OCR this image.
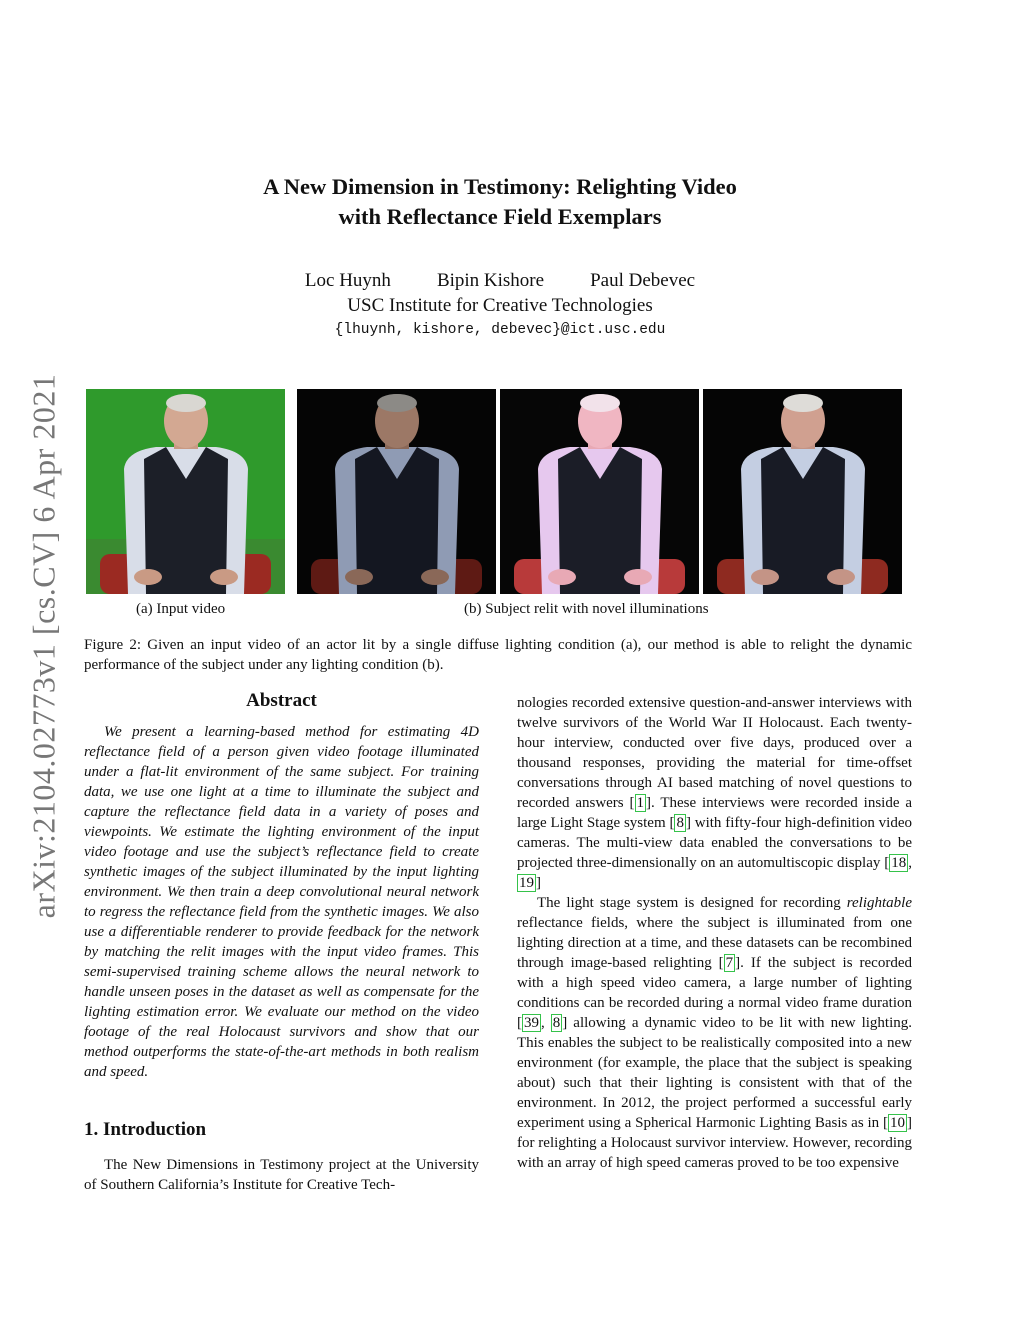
arXiv:2104.02773v1 [cs.CV] 6 Apr 2021
A New Dimension in Testimony: Relighting Video
with Reflectance Field Exemplars
Loc Huynh Bipin Kishore Paul Debevec
USC Institute for Creative Technologies
{lhuynh, kishore, debevec}@ict.usc.edu
(a) Input video	(b) Subject relit with novel illuminations
Figure 2: Given an input video of an actor lit by a single diffuse lighting condition (a), our method is able to relight the dynamic performance of the subject under any lighting condition (b).
Abstract

We present a learning-based method for estimating 4D reflectance field of a person given video footage illuminated under a flat-lit environment of the same subject. For training data, we use one light at a time to illuminate the subject and capture the reflectance field data in a variety of poses and viewpoints. We estimate the lighting environment of the input video footage and use the subject’s reflectance field to create synthetic images of the subject illuminated by the input lighting environment. We then train a deep convolutional neural network to regress the reflectance field from the synthetic images. We also use a differentiable renderer to provide feedback for the network by matching the relit images with the input video frames. This semi-supervised training scheme allows the neural network to handle unseen poses in the dataset as well as compensate for the lighting estimation error. We evaluate our method on the video footage of the real Holocaust survivors and show that our method outperforms the state-of-the-art methods in both realism and speed.

1. Introduction

The New Dimensions in Testimony project at the University of Southern California’s Institute for Creative Tech-

nologies recorded extensive question-and-answer interviews with twelve survivors of the World War II Holocaust. Each twenty-hour interview, conducted over five days, produced over a thousand responses, providing the material for time-offset conversations through AI based matching of novel questions to recorded answers [ 1 ]. These interviews were recorded inside a large Light Stage system [ 8 ] with fifty-four high-definition video cameras. The multi-view data enabled the conversations to be projected three-dimensionally on an automultiscopic display [ 18 , 19 ]

The light stage system is designed for recording relightable reflectance fields, where the subject is illuminated from one lighting direction at a time, and these datasets can be recombined through image-based relighting [ 7 ]. If the subject is recorded with a high speed video camera, a large number of lighting conditions can be recorded during a normal video frame duration [ 39 , 8 ] allowing a dynamic video to be lit with new lighting. This enables the subject to be realistically composited into a new environment (for example, the place that the subject is speaking about) such that their lighting is consistent with that of the environment. In 2012, the project performed a successful early experiment using a Spherical Harmonic Lighting Basis as in [ 10 ] for relighting a Holocaust survivor interview. However, recording with an array of high speed cameras proved to be too expensive
